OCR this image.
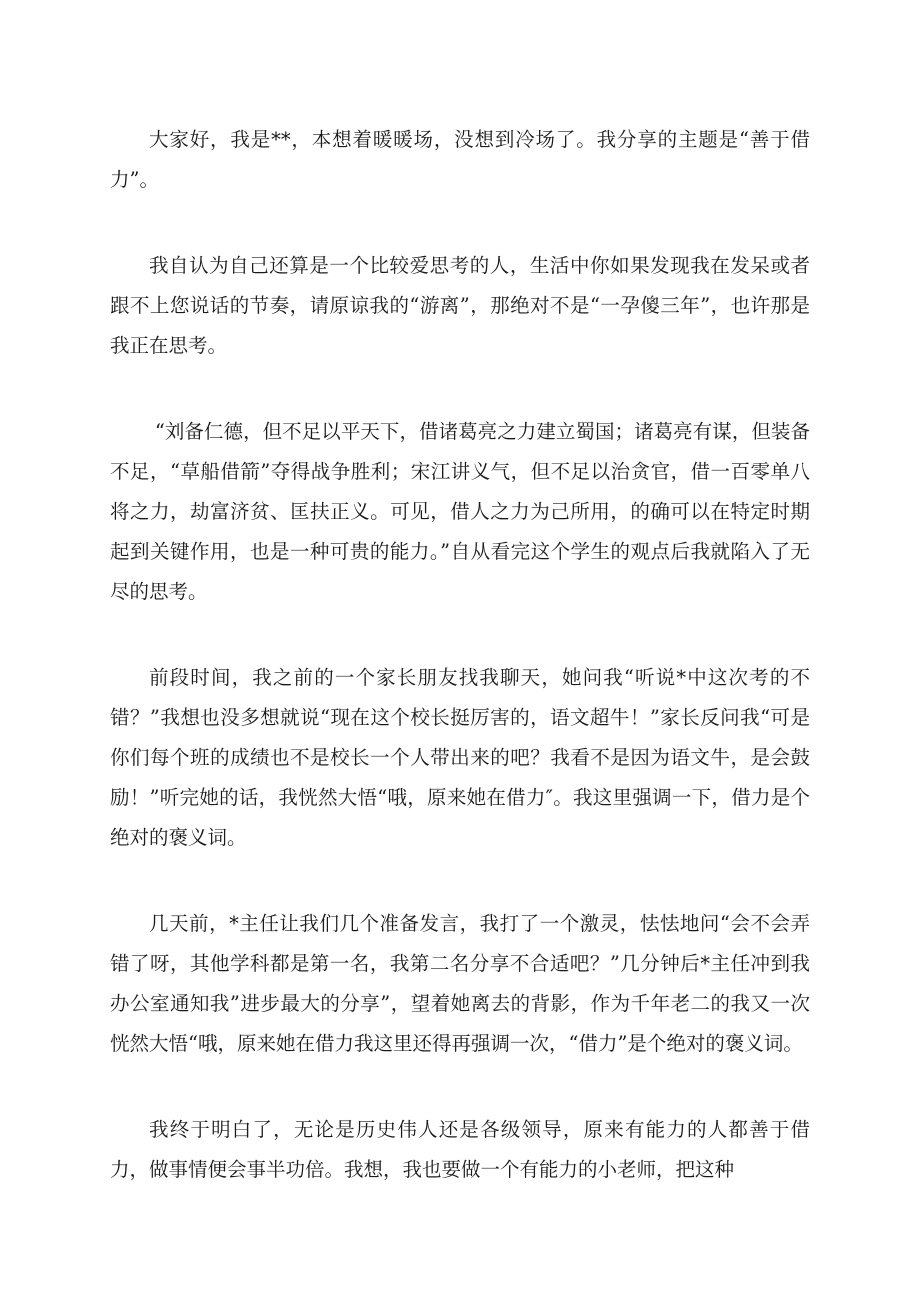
大家好，我是**，本想着暖暖场，没想到冷场了。我分享的主题是“善于借力”。

我自认为自己还算是一个比较爱思考的人，生活中你如果发现我在发呆或者跟不上您说话的节奏，请原谅我的“游离”，那绝对不是“一孕傻三年”，也许那是我正在思考。

“刘备仁德，但不足以平天下，借诸葛亮之力建立蜀国；诸葛亮有谋，但装备不足，“草船借箭”夺得战争胜利；宋江讲义气，但不足以治贪官，借一百零单八将之力，劫富济贫、匡扶正义。可见，借人之力为己所用，的确可以在特定时期起到关键作用，也是一种可贵的能力。”自从看完这个学生的观点后我就陷入了无尽的思考。

前段时间，我之前的一个家长朋友找我聊天，她问我“听说*中这次考的不错？”我想也没多想就说“现在这个校长挺厉害的，语文超牛！”家长反问我“可是你们每个班的成绩也不是校长一个人带出来的吧？我看不是因为语文牛，是会鼓励！”听完她的话，我恍然大悟“哦，原来她在借力″。我这里强调一下，借力是个绝对的褒义词。

几天前，*主任让我们几个准备发言，我打了一个激灵，怯怯地问“会不会弄错了呀，其他学科都是第一名，我第二名分享不合适吧？”几分钟后*主任冲到我办公室通知我”进步最大的分享”，望着她离去的背影，作为千年老二的我又一次恍然大悟“哦，原来她在借力我这里还得再强调一次，“借力”是个绝对的褒义词。

我终于明白了，无论是历史伟人还是各级领导，原来有能力的人都善于借力，做事情便会事半功倍。我想，我也要做一个有能力的小老师，把这种
